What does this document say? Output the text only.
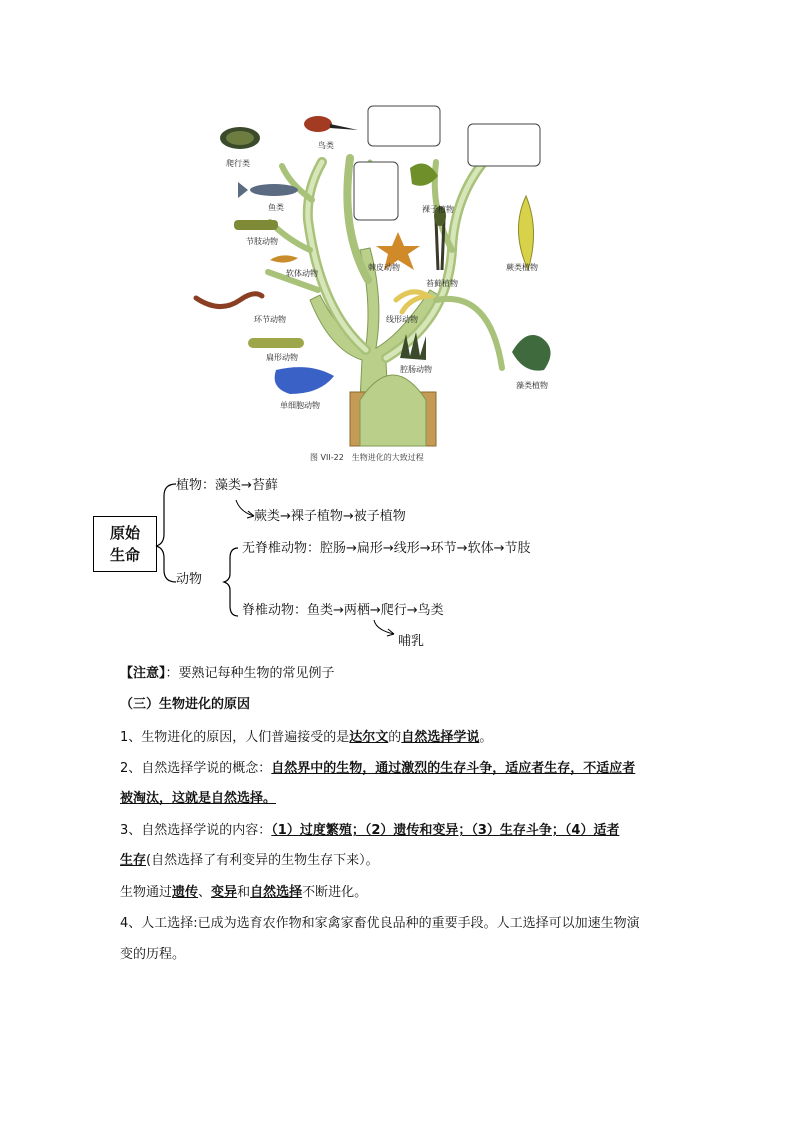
爬行类
鸟类
鱼类
节肢动物
软体动物
环节动物
扁形动物
单细胞动物
棘皮动物
线形动物
腔肠动物
裸子植物
苔藓植物
蕨类植物
藻类植物
图 VII-22　生物进化的大致过程
原始
生命
植物：藻类→苔藓
蕨类→裸子植物→被子植物
动物
无脊椎动物：腔肠→扁形→线形→环节→软体→节肢
脊椎动物：鱼类→两栖→爬行→鸟类
哺乳
【注意】：要熟记每种生物的常见例子
（三）生物进化的原因
1、生物进化的原因，人们普遍接受的是达尔文的自然选择学说。
2、自然选择学说的概念：自然界中的生物，通过激烈的生存斗争，适应者生存，不适应者
被淘汰，这就是自然选择。
3、自然选择学说的内容：（1）过度繁殖；（2）遗传和变异；（3）生存斗争；（4）适者
生存(自然选择了有利变异的生物生存下来）。
生物通过遗传、变异和自然选择不断进化。
4、人工选择:已成为选育农作物和家禽家畜优良品种的重要手段。人工选择可以加速生物演
变的历程。
